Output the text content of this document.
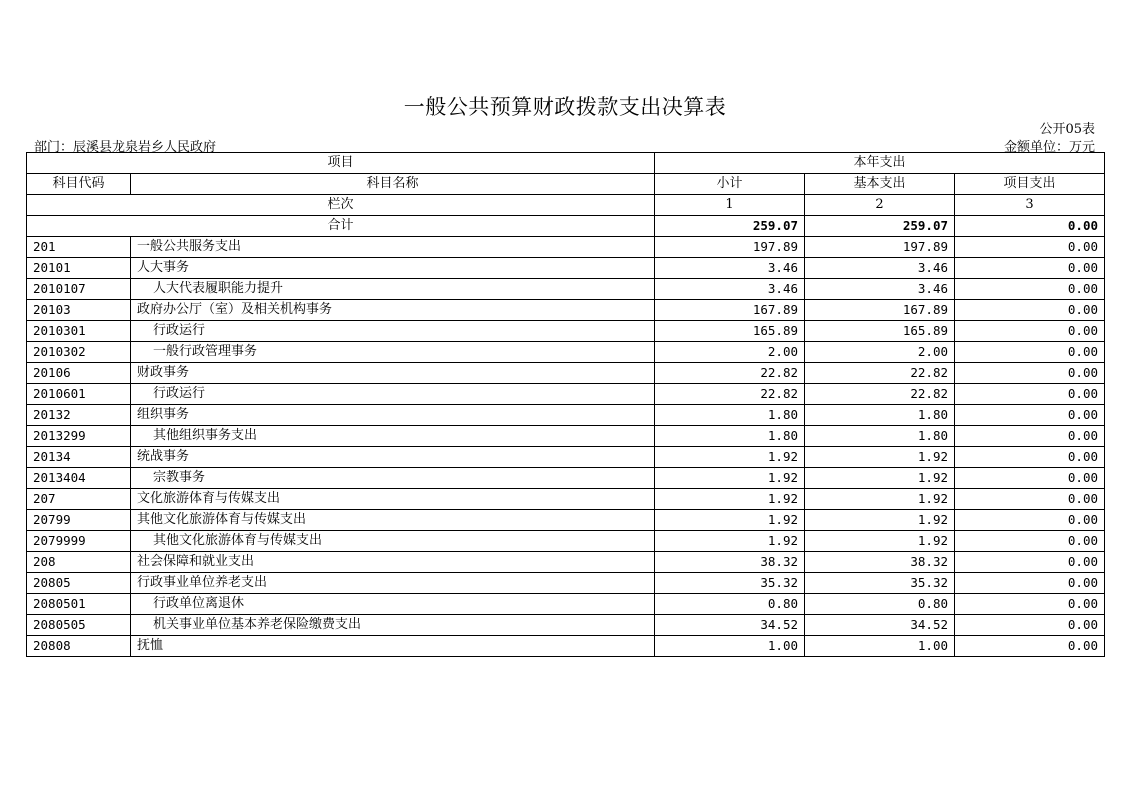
一般公共预算财政拨款支出决算表
公开05表
部门：辰溪县龙泉岩乡人民政府	金额单位：万元
项目		本年支出		
科目代码	科目名称	小计	基本支出	项目支出
栏次		1	2	3
合计		259.07	259.07	0.00
201	一般公共服务支出	197.89	197.89	0.00
20101	人大事务	3.46	3.46	0.00
2010107	人大代表履职能力提升	3.46	3.46	0.00
20103	政府办公厅（室）及相关机构事务	167.89	167.89	0.00
2010301	行政运行	165.89	165.89	0.00
2010302	一般行政管理事务	2.00	2.00	0.00
20106	财政事务	22.82	22.82	0.00
2010601	行政运行	22.82	22.82	0.00
20132	组织事务	1.80	1.80	0.00
2013299	其他组织事务支出	1.80	1.80	0.00
20134	统战事务	1.92	1.92	0.00
2013404	宗教事务	1.92	1.92	0.00
207	文化旅游体育与传媒支出	1.92	1.92	0.00
20799	其他文化旅游体育与传媒支出	1.92	1.92	0.00
2079999	其他文化旅游体育与传媒支出	1.92	1.92	0.00
208	社会保障和就业支出	38.32	38.32	0.00
20805	行政事业单位养老支出	35.32	35.32	0.00
2080501	行政单位离退休	0.80	0.80	0.00
2080505	机关事业单位基本养老保险缴费支出	34.52	34.52	0.00
20808	抚恤	1.00	1.00	0.00
